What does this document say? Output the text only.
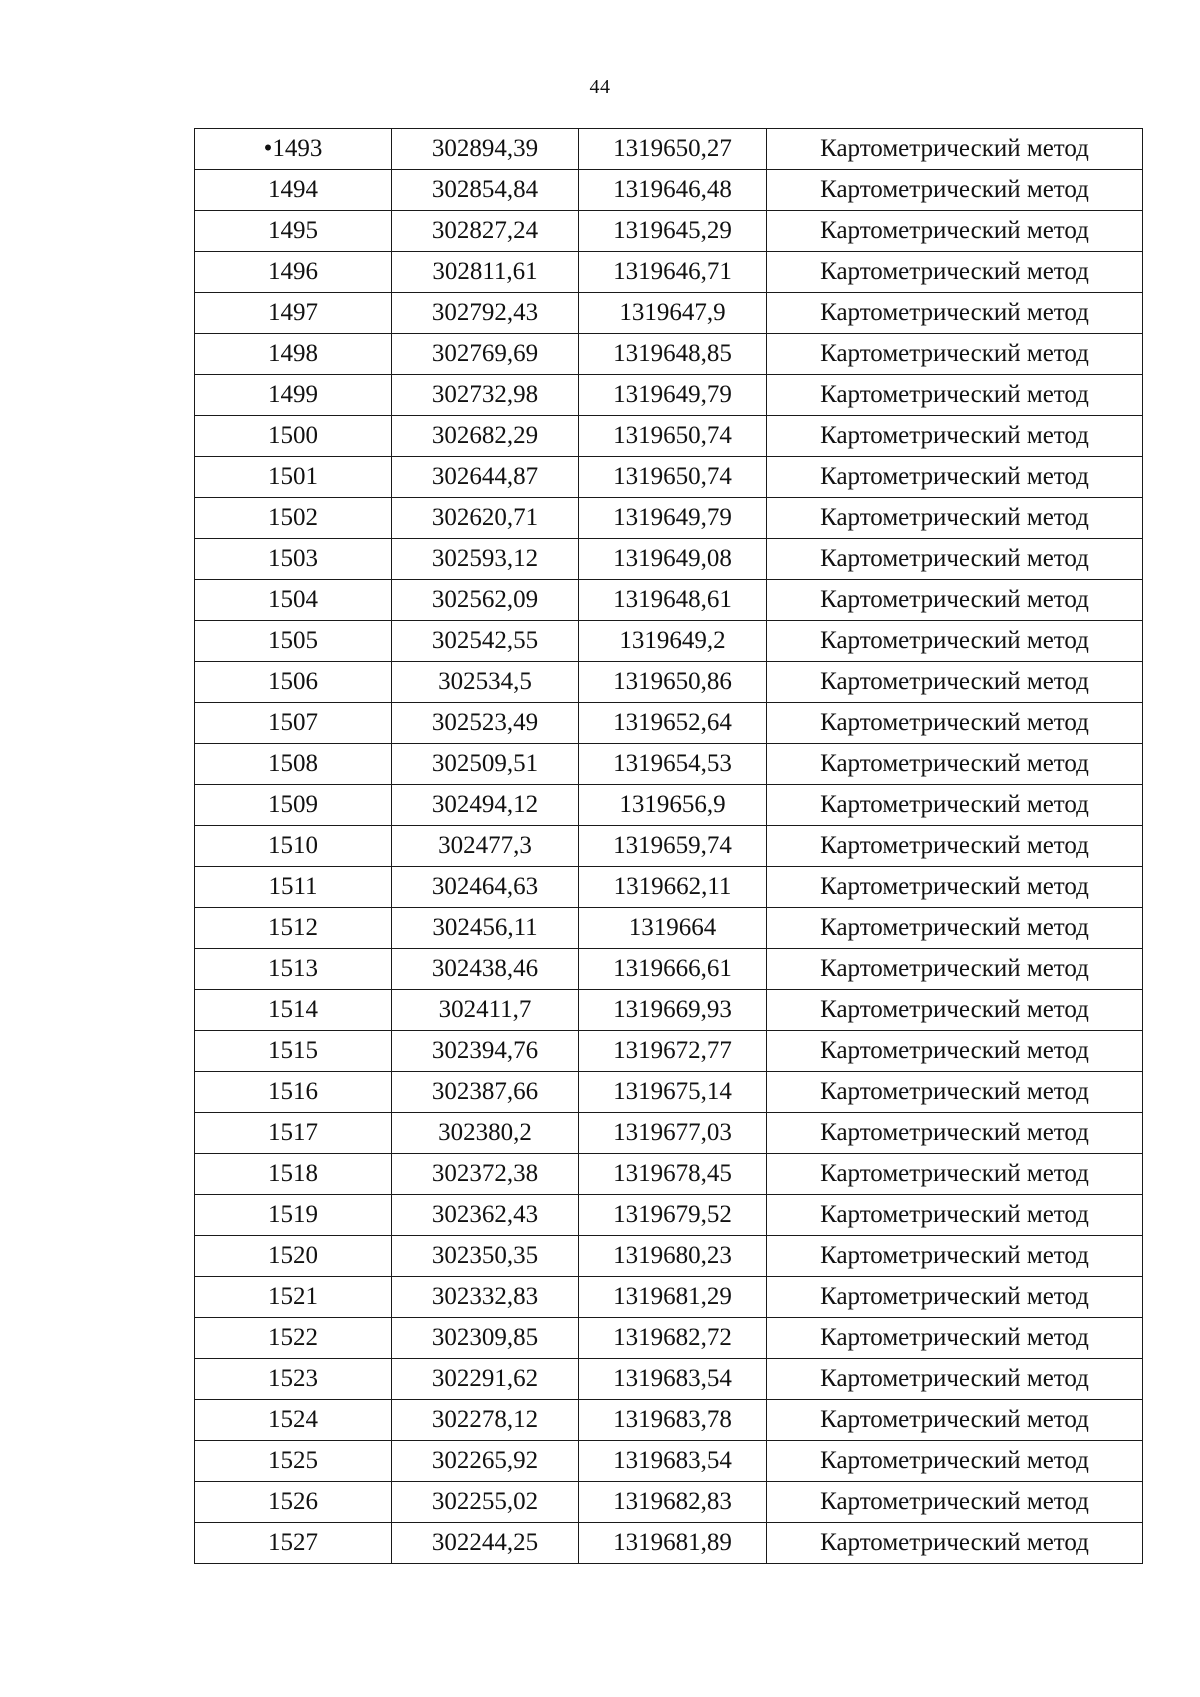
44
•1493	302894,39	1319650,27	Картометрический метод
1494	302854,84	1319646,48	Картометрический метод
1495	302827,24	1319645,29	Картометрический метод
1496	302811,61	1319646,71	Картометрический метод
1497	302792,43	1319647,9	Картометрический метод
1498	302769,69	1319648,85	Картометрический метод
1499	302732,98	1319649,79	Картометрический метод
1500	302682,29	1319650,74	Картометрический метод
1501	302644,87	1319650,74	Картометрический метод
1502	302620,71	1319649,79	Картометрический метод
1503	302593,12	1319649,08	Картометрический метод
1504	302562,09	1319648,61	Картометрический метод
1505	302542,55	1319649,2	Картометрический метод
1506	302534,5	1319650,86	Картометрический метод
1507	302523,49	1319652,64	Картометрический метод
1508	302509,51	1319654,53	Картометрический метод
1509	302494,12	1319656,9	Картометрический метод
1510	302477,3	1319659,74	Картометрический метод
1511	302464,63	1319662,11	Картометрический метод
1512	302456,11	1319664	Картометрический метод
1513	302438,46	1319666,61	Картометрический метод
1514	302411,7	1319669,93	Картометрический метод
1515	302394,76	1319672,77	Картометрический метод
1516	302387,66	1319675,14	Картометрический метод
1517	302380,2	1319677,03	Картометрический метод
1518	302372,38	1319678,45	Картометрический метод
1519	302362,43	1319679,52	Картометрический метод
1520	302350,35	1319680,23	Картометрический метод
1521	302332,83	1319681,29	Картометрический метод
1522	302309,85	1319682,72	Картометрический метод
1523	302291,62	1319683,54	Картометрический метод
1524	302278,12	1319683,78	Картометрический метод
1525	302265,92	1319683,54	Картометрический метод
1526	302255,02	1319682,83	Картометрический метод
1527	302244,25	1319681,89	Картометрический метод
